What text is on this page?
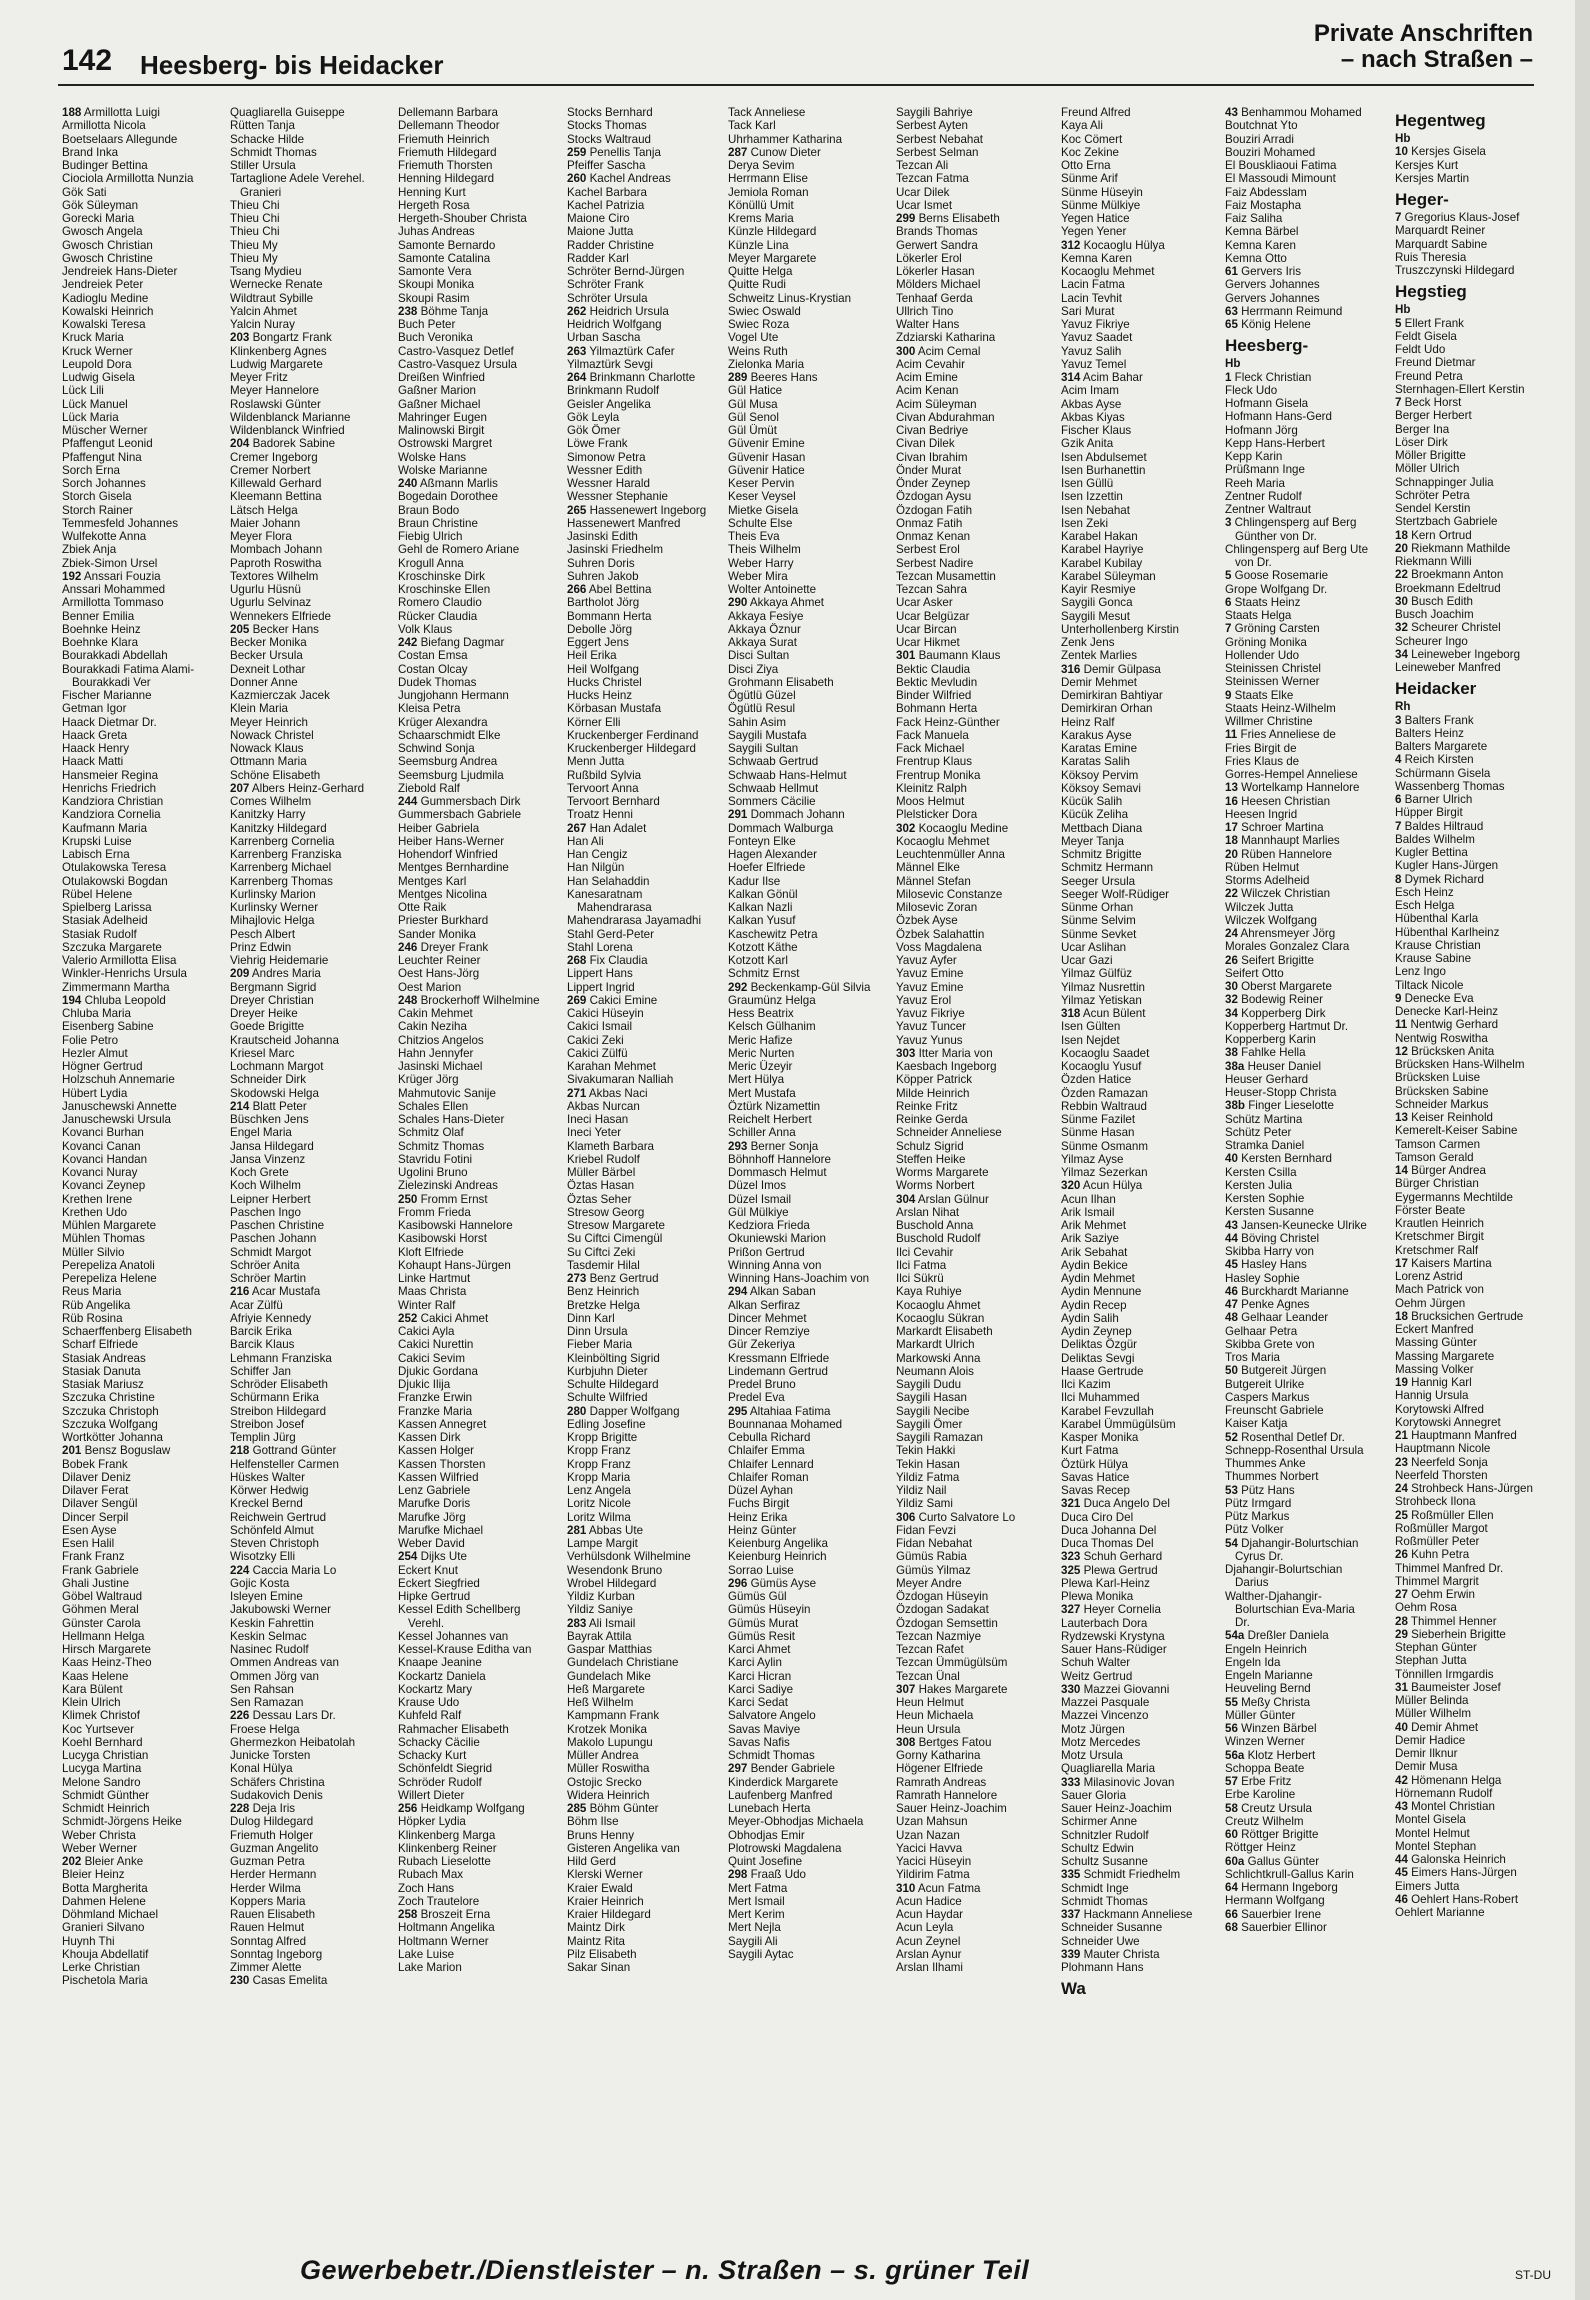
142 Heesberg- bis Heidacker
Private Anschriften
– nach Straßen –
188 Armillotta Luigi
Armillotta Nicola
Boetselaars Allegunde
Brand Inka
Budinger Bettina
Ciociola Armillotta Nunzia
Gök Sati
Gök Süleyman
Gorecki Maria
Gwosch Angela
Gwosch Christian
Gwosch Christine
Jendreiek Hans-Dieter
Jendreiek Peter
Kadioglu Medine
Kowalski Heinrich
Kowalski Teresa
Kruck Maria
Kruck Werner
Leupold Dora
Ludwig Gisela
Lück Lili
Lück Manuel
Lück Maria
Müscher Werner
Pfaffengut Leonid
Pfaffengut Nina
Sorch Erna
Sorch Johannes
Storch Gisela
Storch Rainer
Temmesfeld Johannes
Wulfekotte Anna
Zbiek Anja
Zbiek-Simon Ursel
192 Anssari Fouzia
Anssari Mohammed
Armillotta Tommaso
Benner Emilia
Boehnke Heinz
Boehnke Klara
Bourakkadi Abdellah
Bourakkadi Fatima Alami-
Bourakkadi Ver
Fischer Marianne
Getman Igor
Haack Dietmar Dr.
Haack Greta
Haack Henry
Haack Matti
Hansmeier Regina
Henrichs Friedrich
Kandziora Christian
Kandziora Cornelia
Kaufmann Maria
Krupski Luise
Labisch Erna
Otulakowska Teresa
Otulakowski Bogdan
Rübel Helene
Spielberg Larissa
Stasiak Adelheid
Stasiak Rudolf
Szczuka Margarete
Valerio Armillotta Elisa
Winkler-Henrichs Ursula
Zimmermann Martha
194 Chluba Leopold
Chluba Maria
Eisenberg Sabine
Folie Petro
Hezler Almut
Högner Gertrud
Holzschuh Annemarie
Hübert Lydia
Januschewski Annette
Januschewski Ursula
Kovanci Burhan
Kovanci Canan
Kovanci Handan
Kovanci Nuray
Kovanci Zeynep
Krethen Irene
Krethen Udo
Mühlen Margarete
Mühlen Thomas
Müller Silvio
Perepeliza Anatoli
Perepeliza Helene
Reus Maria
Rüb Angelika
Rüb Rosina
Schaerffenberg Elisabeth
Scharf Elfriede
Stasiak Andreas
Stasiak Danuta
Stasiak Mariusz
Szczuka Christine
Szczuka Christoph
Szczuka Wolfgang
Wortkötter Johanna
201 Bensz Boguslaw
Bobek Frank
Dilaver Deniz
Dilaver Ferat
Dilaver Sengül
Dincer Serpil
Esen Ayse
Esen Halil
Frank Franz
Frank Gabriele
Ghali Justine
Göbel Waltraud
Göhmen Meral
Günster Carola
Hellmann Helga
Hirsch Margarete
Kaas Heinz-Theo
Kaas Helene
Kara Bülent
Klein Ulrich
Klimek Christof
Koc Yurtsever
Koehl Bernhard
Lucyga Christian
Lucyga Martina
Melone Sandro
Schmidt Günther
Schmidt Heinrich
Schmidt-Jörgens Heike
Weber Christa
Weber Werner
202 Bleier Anke
Bleier Heinz
Botta Margherita
Dahmen Helene
Döhmland Michael
Granieri Silvano
Huynh Thi
Khouja Abdellatif
Lerke Christian
Pischetola Maria
Quagliarella Guiseppe
Rütten Tanja
Schacke Hilde
Schmidt Thomas
Stiller Ursula
Tartaglione Adele Verehel.
Granieri
Thieu Chi
Thieu Chi
Thieu Chi
Thieu My
Thieu My
Tsang Mydieu
Wernecke Renate
Wildtraut Sybille
Yalcin Ahmet
Yalcin Nuray
203 Bongartz Frank
Klinkenberg Agnes
Ludwig Margarete
Meyer Fritz
Meyer Hannelore
Roslawski Günter
Wildenblanck Marianne
Wildenblanck Winfried
204 Badorek Sabine
Cremer Ingeborg
Cremer Norbert
Killewald Gerhard
Kleemann Bettina
Lätsch Helga
Maier Johann
Meyer Flora
Mombach Johann
Paproth Roswitha
Textores Wilhelm
Ugurlu Hüsnü
Ugurlu Selvinaz
Wennekers Elfriede
205 Becker Hans
Becker Monika
Becker Ursula
Dexneit Lothar
Donner Anne
Kazmierczak Jacek
Klein Maria
Meyer Heinrich
Nowack Christel
Nowack Klaus
Ottmann Maria
Schöne Elisabeth
207 Albers Heinz-Gerhard
Comes Wilhelm
Kanitzky Harry
Kanitzky Hildegard
Karrenberg Cornelia
Karrenberg Franziska
Karrenberg Michael
Karrenberg Thomas
Kurlinsky Marion
Kurlinsky Werner
Mihajlovic Helga
Pesch Albert
Prinz Edwin
Viehrig Heidemarie
209 Andres Maria
Bergmann Sigrid
Dreyer Christian
Dreyer Heike
Goede Brigitte
Krautscheid Johanna
Kriesel Marc
Lochmann Margot
Schneider Dirk
Skodowski Helga
214 Blatt Peter
Büschken Jens
Engel Maria
Jansa Hildegard
Jansa Vinzenz
Koch Grete
Koch Wilhelm
Leipner Herbert
Paschen Ingo
Paschen Christine
Paschen Johann
Schmidt Margot
Schröer Anita
Schröer Martin
216 Acar Mustafa
Acar Zülfü
Afriyie Kennedy
Barcik Erika
Barcik Klaus
Lehmann Franziska
Schiffer Jan
Schröder Elisabeth
Schürmann Erika
Streibon Hildegard
Streibon Josef
Templin Jürg
218 Gottrand Günter
Helfensteller Carmen
Hüskes Walter
Körwer Hedwig
Kreckel Bernd
Reichwein Gertrud
Schönfeld Almut
Steven Christoph
Wisotzky Elli
224 Caccia Maria Lo
Gojic Kosta
Isleyen Emine
Jakubowski Werner
Keskin Fahrettin
Keskin Selmac
Nasinec Rudolf
Ommen Andreas van
Ommen Jörg van
Sen Rahsan
Sen Ramazan
226 Dessau Lars Dr.
Froese Helga
Ghermezkon Heibatolah
Junicke Torsten
Konal Hülya
Schäfers Christina
Sudakovich Denis
228 Deja Iris
Dulog Hildegard
Friemuth Holger
Guzman Angelito
Guzman Petra
Herder Hermann
Herder Wilma
Koppers Maria
Rauen Elisabeth
Rauen Helmut
Sonntag Alfred
Sonntag Ingeborg
Zimmer Alette
230 Casas Emelita
Dellemann Barbara
Dellemann Theodor
Friemuth Heinrich
Friemuth Hildegard
Friemuth Thorsten
Henning Hildegard
Henning Kurt
Hergeth Rosa
Hergeth-Shouber Christa
Juhas Andreas
Samonte Bernardo
Samonte Catalina
Samonte Vera
Skoupi Monika
Skoupi Rasim
238 Böhme Tanja
Buch Peter
Buch Veronika
Castro-Vasquez Detlef
Castro-Vasquez Ursula
Dreißen Winfried
Gaßner Marion
Gaßner Michael
Mahringer Eugen
Malinowski Birgit
Ostrowski Margret
Wolske Hans
Wolske Marianne
240 Aßmann Marlis
Bogedain Dorothee
Braun Bodo
Braun Christine
Fiebig Ulrich
Gehl de Romero Ariane
Krogull Anna
Kroschinske Dirk
Kroschinske Ellen
Romero Claudio
Rücker Claudia
Volk Klaus
242 Biefang Dagmar
Costan Emsa
Costan Olcay
Dudek Thomas
Jungjohann Hermann
Kleisa Petra
Krüger Alexandra
Schaarschmidt Elke
Schwind Sonja
Seemsburg Andrea
Seemsburg Ljudmila
Ziebold Ralf
244 Gummersbach Dirk
Gummersbach Gabriele
Heiber Gabriela
Heiber Hans-Werner
Hohendorf Winfried
Mentges Bernhardine
Mentges Karl
Mentges Nicolina
Otte Raik
Priester Burkhard
Sander Monika
246 Dreyer Frank
Leuchter Reiner
Oest Hans-Jörg
Oest Marion
248 Brockerhoff Wilhelmine
Cakin Mehmet
Cakin Neziha
Chitzios Angelos
Hahn Jennyfer
Jasinski Michael
Krüger Jörg
Mahmutovic Sanije
Schales Ellen
Schales Hans-Dieter
Schmitz Olaf
Schmitz Thomas
Stavridu Fotini
Ugolini Bruno
Zielezinski Andreas
250 Fromm Ernst
Fromm Frieda
Kasibowski Hannelore
Kasibowski Horst
Kloft Elfriede
Kohaupt Hans-Jürgen
Linke Hartmut
Maas Christa
Winter Ralf
252 Cakici Ahmet
Cakici Ayla
Cakici Nurettin
Cakici Sevim
Djukic Gordana
Djukic Ilija
Franzke Erwin
Franzke Maria
Kassen Annegret
Kassen Dirk
Kassen Holger
Kassen Thorsten
Kassen Wilfried
Lenz Gabriele
Marufke Doris
Marufke Jörg
Marufke Michael
Weber David
254 Dijks Ute
Eckert Knut
Eckert Siegfried
Hipke Gertrud
Kessel Edith Schellberg
Verehl.
Kessel Johannes van
Kessel-Krause Editha van
Knaape Jeanine
Kockartz Daniela
Kockartz Mary
Krause Udo
Kuhfeld Ralf
Rahmacher Elisabeth
Schacky Cäcilie
Schacky Kurt
Schönfeldt Siegrid
Schröder Rudolf
Willert Dieter
256 Heidkamp Wolfgang
Höpker Lydia
Klinkenberg Marga
Klinkenberg Reiner
Rubach Lieselotte
Rubach Max
Zoch Hans
Zoch Trautelore
258 Broszeit Erna
Holtmann Angelika
Holtmann Werner
Lake Luise
Lake Marion
Stocks Bernhard
Stocks Thomas
Stocks Waltraud
259 Penellis Tanja
Pfeiffer Sascha
260 Kachel Andreas
Kachel Barbara
Kachel Patrizia
Maione Ciro
Maione Jutta
Radder Christine
Radder Karl
Schröter Bernd-Jürgen
Schröter Frank
Schröter Ursula
262 Heidrich Ursula
Heidrich Wolfgang
Urban Sascha
263 Yilmaztürk Cafer
Yilmaztürk Sevgi
264 Brinkmann Charlotte
Brinkmann Rudolf
Geisler Angelika
Gök Leyla
Gök Ömer
Löwe Frank
Simonow Petra
Wessner Edith
Wessner Harald
Wessner Stephanie
265 Hassenewert Ingeborg
Hassenewert Manfred
Jasinski Edith
Jasinski Friedhelm
Suhren Doris
Suhren Jakob
266 Abel Bettina
Bartholot Jörg
Bommann Herta
Debolle Jörg
Eggert Jens
Heil Erika
Heil Wolfgang
Hucks Christel
Hucks Heinz
Körbasan Mustafa
Körner Elli
Kruckenberger Ferdinand
Kruckenberger Hildegard
Menn Jutta
Rußbild Sylvia
Tervoort Anna
Tervoort Bernhard
Troatz Henni
267 Han Adalet
Han Ali
Han Cengiz
Han Nilgün
Han Selahaddin
Kanesaratnam
Mahendrarasa
Mahendrarasa Jayamadhi
Stahl Gerd-Peter
Stahl Lorena
268 Fix Claudia
Lippert Hans
Lippert Ingrid
269 Cakici Emine
Cakici Hüseyin
Cakici Ismail
Cakici Zeki
Cakici Zülfü
Karahan Mehmet
Sivakumaran Nalliah
271 Akbas Naci
Akbas Nurcan
Ineci Hasan
Ineci Yeter
Klameth Barbara
Kriebel Rudolf
Müller Bärbel
Öztas Hasan
Öztas Seher
Stresow Georg
Stresow Margarete
Su Ciftci Cimengül
Su Ciftci Zeki
Tasdemir Hilal
273 Benz Gertrud
Benz Heinrich
Bretzke Helga
Dinn Karl
Dinn Ursula
Fieber Maria
Kleinbölting Sigrid
Kurbjuhn Dieter
Schulte Hildegard
Schulte Wilfried
280 Dapper Wolfgang
Edling Josefine
Kropp Brigitte
Kropp Franz
Kropp Franz
Kropp Maria
Lenz Angela
Loritz Nicole
Loritz Wilma
281 Abbas Ute
Lampe Margit
Verhülsdonk Wilhelmine
Wesendonk Bruno
Wrobel Hildegard
Yildiz Kurban
Yildiz Saniye
283 Ali Ismail
Bayrak Attila
Gaspar Matthias
Gundelach Christiane
Gundelach Mike
Heß Margarete
Heß Wilhelm
Kampmann Frank
Krotzek Monika
Makolo Lupungu
Müller Andrea
Müller Roswitha
Ostojic Srecko
Widera Heinrich
285 Böhm Günter
Böhm Ilse
Bruns Henny
Gisteren Angelika van
Hild Gerd
Klerski Werner
Kraier Ewald
Kraier Heinrich
Kraier Hildegard
Maintz Dirk
Maintz Rita
Pilz Elisabeth
Sakar Sinan
Tack Anneliese
Tack Karl
Uhrhammer Katharina
287 Cunow Dieter
Derya Sevim
Herrmann Elise
Jemiola Roman
Könüllü Umit
Krems Maria
Künzle Hildegard
Künzle Lina
Meyer Margarete
Quitte Helga
Quitte Rudi
Schweitz Linus-Krystian
Swiec Oswald
Swiec Roza
Vogel Ute
Weins Ruth
Zielonka Maria
289 Beeres Hans
Gül Hatice
Gül Musa
Gül Senol
Gül Ümüt
Güvenir Emine
Güvenir Hasan
Güvenir Hatice
Keser Pervin
Keser Veysel
Mietke Gisela
Schulte Else
Theis Eva
Theis Wilhelm
Weber Harry
Weber Mira
Wolter Antoinette
290 Akkaya Ahmet
Akkaya Fesiye
Akkaya Öznur
Akkaya Surat
Disci Sultan
Disci Ziya
Grohmann Elisabeth
Ögütlü Güzel
Ögütlü Resul
Sahin Asim
Saygili Mustafa
Saygili Sultan
Schwaab Gertrud
Schwaab Hans-Helmut
Schwaab Hellmut
Sommers Cäcilie
291 Dommach Johann
Dommach Walburga
Fonteyn Elke
Hagen Alexander
Hoefer Elfriede
Kadur Ilse
Kalkan Gönül
Kalkan Nazli
Kalkan Yusuf
Kaschewitz Petra
Kotzott Käthe
Kotzott Karl
Schmitz Ernst
292 Beckenkamp-Gül Silvia
Graumünz Helga
Hess Beatrix
Kelsch Gülhanim
Meric Hafize
Meric Nurten
Meric Üzeyir
Mert Hülya
Mert Mustafa
Öztürk Nizamettin
Reichelt Herbert
Schiller Anna
293 Berner Sonja
Böhnhoff Hannelore
Dommasch Helmut
Düzel Imos
Düzel Ismail
Gül Mülkiye
Kedziora Frieda
Okuniewski Marion
Prißon Gertrud
Winning Anna von
Winning Hans-Joachim von
294 Alkan Saban
Alkan Serfiraz
Dincer Mehmet
Dincer Remziye
Gür Zekeriya
Kressmann Elfriede
Lindemann Gertrud
Predel Bruno
Predel Eva
295 Altahiaa Fatima
Bounnanaa Mohamed
Cebulla Richard
Chlaifer Emma
Chlaifer Lennard
Chlaifer Roman
Düzel Ayhan
Fuchs Birgit
Heinz Erika
Heinz Günter
Keienburg Angelika
Keienburg Heinrich
Sorrao Luise
296 Gümüs Ayse
Gümüs Gül
Gümüs Hüseyin
Gümüs Murat
Gümüs Resit
Karci Ahmet
Karci Aylin
Karci Hicran
Karci Sadiye
Karci Sedat
Salvatore Angelo
Savas Maviye
Savas Nafis
Schmidt Thomas
297 Bender Gabriele
Kinderdick Margarete
Laufenberg Manfred
Lunebach Herta
Meyer-Obhodjas Michaela
Obhodjas Emir
Plotrowski Magdalena
Quint Josefine
298 Fraaß Udo
Mert Fatma
Mert Ismail
Mert Kerim
Mert Nejla
Saygili Ali
Saygili Aytac
Saygili Bahriye
Serbest Ayten
Serbest Nebahat
Serbest Selman
Tezcan Ali
Tezcan Fatma
Ucar Dilek
Ucar Ismet
299 Berns Elisabeth
Brands Thomas
Gerwert Sandra
Lökerler Erol
Lökerler Hasan
Mölders Michael
Tenhaaf Gerda
Ullrich Tino
Walter Hans
Zdziarski Katharina
300 Acim Cemal
Acim Cevahir
Acim Emine
Acim Kenan
Acim Süleyman
Civan Abdurahman
Civan Bedriye
Civan Dilek
Civan Ibrahim
Önder Murat
Önder Zeynep
Özdogan Aysu
Özdogan Fatih
Onmaz Fatih
Onmaz Kenan
Serbest Erol
Serbest Nadire
Tezcan Musamettin
Tezcan Sahra
Ucar Asker
Ucar Belgüzar
Ucar Bircan
Ucar Hikmet
301 Baumann Klaus
Bektic Claudia
Bektic Mevludin
Binder Wilfried
Bohmann Herta
Fack Heinz-Günther
Fack Manuela
Fack Michael
Frentrup Klaus
Frentrup Monika
Kleinitz Ralph
Moos Helmut
Plelsticker Dora
302 Kocaoglu Medine
Kocaoglu Mehmet
Leuchtenmüller Anna
Männel Elke
Männel Stefan
Milosevic Constanze
Milosevic Zoran
Özbek Ayse
Özbek Salahattin
Voss Magdalena
Yavuz Ayfer
Yavuz Emine
Yavuz Emine
Yavuz Erol
Yavuz Fikriye
Yavuz Tuncer
Yavuz Yunus
303 Itter Maria von
Kaesbach Ingeborg
Köpper Patrick
Milde Heinrich
Reinke Fritz
Reinke Gerda
Schneider Anneliese
Schulz Sigrid
Steffen Heike
Worms Margarete
Worms Norbert
304 Arslan Gülnur
Arslan Nihat
Buschold Anna
Buschold Rudolf
Ilci Cevahir
Ilci Fatma
Ilci Sükrü
Kaya Ruhiye
Kocaoglu Ahmet
Kocaoglu Sükran
Markardt Elisabeth
Markardt Ulrich
Markowski Anna
Neumann Alois
Saygili Dudu
Saygili Hasan
Saygili Necibe
Saygili Ömer
Saygili Ramazan
Tekin Hakki
Tekin Hasan
Yildiz Fatma
Yildiz Nail
Yildiz Sami
306 Curto Salvatore Lo
Fidan Fevzi
Fidan Nebahat
Gümüs Rabia
Gümüs Yilmaz
Meyer Andre
Özdogan Hüseyin
Özdogan Sadakat
Özdogan Semsettin
Tezcan Nazmiye
Tezcan Rafet
Tezcan Ümmügülsüm
Tezcan Ünal
307 Hakes Margarete
Heun Helmut
Heun Michaela
Heun Ursula
308 Bertges Fatou
Gorny Katharina
Högener Elfriede
Ramrath Andreas
Ramrath Hannelore
Sauer Heinz-Joachim
Uzan Mahsun
Uzan Nazan
Yacici Havva
Yacici Hüseyin
Yildirim Fatma
310 Acun Fatma
Acun Hadice
Acun Haydar
Acun Leyla
Acun Zeynel
Arslan Aynur
Arslan Ilhami
Freund Alfred
Kaya Ali
Koc Cömert
Koc Zekine
Otto Erna
Sünme Arif
Sünme Hüseyin
Sünme Mülkiye
Yegen Hatice
Yegen Yener
312 Kocaoglu Hülya
Kemna Karen
Kocaoglu Mehmet
Lacin Fatma
Lacin Tevhit
Sari Murat
Yavuz Fikriye
Yavuz Saadet
Yavuz Salih
Yavuz Temel
314 Acim Bahar
Acim Imam
Akbas Ayse
Akbas Kiyas
Fischer Klaus
Gzik Anita
Isen Abdulsemet
Isen Burhanettin
Isen Güllü
Isen Izzettin
Isen Nebahat
Isen Zeki
Karabel Hakan
Karabel Hayriye
Karabel Kubilay
Karabel Süleyman
Kayir Resmiye
Saygili Gonca
Saygili Mesut
Unterhollenberg Kirstin
Zenk Jens
Zentek Marlies
316 Demir Gülpasa
Demir Mehmet
Demirkiran Bahtiyar
Demirkiran Orhan
Heinz Ralf
Karakus Ayse
Karatas Emine
Karatas Salih
Köksoy Pervim
Köksoy Semavi
Kücük Salih
Kücük Zeliha
Mettbach Diana
Meyer Tanja
Schmitz Brigitte
Schmitz Hermann
Seeger Ursula
Seeger Wolf-Rüdiger
Sünme Orhan
Sünme Selvim
Sünme Sevket
Ucar Aslihan
Ucar Gazi
Yilmaz Gülfüz
Yilmaz Nusrettin
Yilmaz Yetiskan
318 Acun Bülent
Isen Gülten
Isen Nejdet
Kocaoglu Saadet
Kocaoglu Yusuf
Özden Hatice
Özden Ramazan
Rebbin Waltraud
Sünme Fazilet
Sünme Hasan
Sünme Osmanm
Yilmaz Ayse
Yilmaz Sezerkan
320 Acun Hülya
Acun Ilhan
Arik Ismail
Arik Mehmet
Arik Saziye
Arik Sebahat
Aydin Bekice
Aydin Mehmet
Aydin Mennune
Aydin Recep
Aydin Salih
Aydin Zeynep
Deliktas Özgür
Deliktas Sevgi
Haase Gertrude
Ilci Kazim
Ilci Muhammed
Karabel Fevzullah
Karabel Ümmügülsüm
Kasper Monika
Kurt Fatma
Öztürk Hülya
Savas Hatice
Savas Recep
321 Duca Angelo Del
Duca Ciro Del
Duca Johanna Del
Duca Thomas Del
323 Schuh Gerhard
325 Plewa Gertrud
Plewa Karl-Heinz
Plewa Monika
327 Heyer Cornelia
Lauterbach Dora
Rydzewski Krystyna
Sauer Hans-Rüdiger
Schuh Walter
Weitz Gertrud
330 Mazzei Giovanni
Mazzei Pasquale
Mazzei Vincenzo
Motz Jürgen
Motz Mercedes
Motz Ursula
Quagliarella Maria
333 Milasinovic Jovan
Sauer Gloria
Sauer Heinz-Joachim
Schirmer Anne
Schnitzler Rudolf
Schultz Edwin
Schultz Susanne
335 Schmidt Friedhelm
Schmidt Inge
Schmidt Thomas
337 Hackmann Anneliese
Schneider Susanne
Schneider Uwe
339 Mauter Christa
Plohmann Hans
Wa
43 Benhammou Mohamed
Boutchnat Yto
Bouziri Arradi
Bouziri Mohamed
El Bouskliaoui Fatima
El Massoudi Mimount
Faiz Abdesslam
Faiz Mostapha
Faiz Saliha
Kemna Bärbel
Kemna Karen
Kemna Otto
61 Gervers Iris
Gervers Johannes
Gervers Johannes
63 Herrmann Reimund
65 König Helene
Heesberg-
Hb
1 Fleck Christian
Fleck Udo
Hofmann Gisela
Hofmann Hans-Gerd
Hofmann Jörg
Kepp Hans-Herbert
Kepp Karin
Prüßmann Inge
Reeh Maria
Zentner Rudolf
Zentner Waltraut
3 Chlingensperg auf Berg
Günther von Dr.
Chlingensperg auf Berg Ute
von Dr.
5 Goose Rosemarie
Grope Wolfgang Dr.
6 Staats Heinz
Staats Helga
7 Gröning Carsten
Gröning Monika
Hollender Udo
Steinissen Christel
Steinissen Werner
9 Staats Elke
Staats Heinz-Wilhelm
Willmer Christine
11 Fries Anneliese de
Fries Birgit de
Fries Klaus de
Gorres-Hempel Anneliese
13 Wortelkamp Hannelore
16 Heesen Christian
Heesen Ingrid
17 Schroer Martina
18 Mannhaupt Marlies
20 Rüben Hannelore
Rüben Helmut
Storms Adelheid
22 Wilczek Christian
Wilczek Jutta
Wilczek Wolfgang
24 Ahrensmeyer Jörg
Morales Gonzalez Clara
26 Seifert Brigitte
Seifert Otto
30 Oberst Margarete
32 Bodewig Reiner
34 Kopperberg Dirk
Kopperberg Hartmut Dr.
Kopperberg Karin
38 Fahlke Hella
38a Heuser Daniel
Heuser Gerhard
Heuser-Stopp Christa
38b Finger Lieselotte
Schütz Martina
Schütz Peter
Stramka Daniel
40 Kersten Bernhard
Kersten Csilla
Kersten Julia
Kersten Sophie
Kersten Susanne
43 Jansen-Keunecke Ulrike
44 Böving Christel
Skibba Harry von
45 Hasley Hans
Hasley Sophie
46 Burckhardt Marianne
47 Penke Agnes
48 Gelhaar Leander
Gelhaar Petra
Skibba Grete von
Tros Maria
50 Butgereit Jürgen
Butgereit Ulrike
Caspers Markus
Freunscht Gabriele
Kaiser Katja
52 Rosenthal Detlef Dr.
Schnepp-Rosenthal Ursula
Thummes Anke
Thummes Norbert
53 Pütz Hans
Pütz Irmgard
Pütz Markus
Pütz Volker
54 Djahangir-Bolurtschian
Cyrus Dr.
Djahangir-Bolurtschian
Darius
Walther-Djahangir-
Bolurtschian Eva-Maria
Dr.
54a Dreßler Daniela
Engeln Heinrich
Engeln Ida
Engeln Marianne
Heuveling Bernd
55 Meßy Christa
Müller Günter
56 Winzen Bärbel
Winzen Werner
56a Klotz Herbert
Schoppa Beate
57 Erbe Fritz
Erbe Karoline
58 Creutz Ursula
Creutz Wilhelm
60 Röttger Brigitte
Röttger Heinz
60a Gallus Günter
Schlichtkrull-Gallus Karin
64 Hermann Ingeborg
Hermann Wolfgang
66 Sauerbier Irene
68 Sauerbier Ellinor
Hegentweg
Hb
10 Kersjes Gisela
Kersjes Kurt
Kersjes Martin
Heger-
7 Gregorius Klaus-Josef
Marquardt Reiner
Marquardt Sabine
Ruis Theresia
Truszczynski Hildegard
Hegstieg
Hb
5 Ellert Frank
Feldt Gisela
Feldt Udo
Freund Dietmar
Freund Petra
Sternhagen-Ellert Kerstin
7 Beck Horst
Berger Herbert
Berger Ina
Löser Dirk
Möller Brigitte
Möller Ulrich
Schnappinger Julia
Schröter Petra
Sendel Kerstin
Stertzbach Gabriele
18 Kern Ortrud
20 Riekmann Mathilde
Riekmann Willi
22 Broekmann Anton
Broekmann Edeltrud
30 Busch Edith
Busch Joachim
32 Scheurer Christel
Scheurer Ingo
34 Leineweber Ingeborg
Leineweber Manfred
Heidacker
Rh
3 Balters Frank
Balters Heinz
Balters Margarete
4 Reich Kirsten
Schürmann Gisela
Wassenberg Thomas
6 Barner Ulrich
Hüpper Birgit
7 Baldes Hiltraud
Baldes Wilhelm
Kugler Bettina
Kugler Hans-Jürgen
8 Dymek Richard
Esch Heinz
Esch Helga
Hübenthal Karla
Hübenthal Karlheinz
Krause Christian
Krause Sabine
Lenz Ingo
Tiltack Nicole
9 Denecke Eva
Denecke Karl-Heinz
11 Nentwig Gerhard
Nentwig Roswitha
12 Brücksken Anita
Brücksken Hans-Wilhelm
Brücksken Luise
Brücksken Sabine
Schneider Markus
13 Keiser Reinhold
Kemerelt-Keiser Sabine
Tamson Carmen
Tamson Gerald
14 Bürger Andrea
Bürger Christian
Eygermanns Mechtilde
Förster Beate
Krautlen Heinrich
Kretschmer Birgit
Kretschmer Ralf
17 Kaisers Martina
Lorenz Astrid
Mach Patrick von
Oehm Jürgen
18 Brucksichen Gertrude
Eckert Manfred
Massing Günter
Massing Margarete
Massing Volker
19 Hannig Karl
Hannig Ursula
Korytowski Alfred
Korytowski Annegret
21 Hauptmann Manfred
Hauptmann Nicole
23 Neerfeld Sonja
Neerfeld Thorsten
24 Strohbeck Hans-Jürgen
Strohbeck Ilona
25 Roßmüller Ellen
Roßmüller Margot
Roßmüller Peter
26 Kuhn Petra
Thimmel Manfred Dr.
Thimmel Margrit
27 Oehm Erwin
Oehm Rosa
28 Thimmel Henner
29 Sieberhein Brigitte
Stephan Günter
Stephan Jutta
Tönnillen Irmgardis
31 Baumeister Josef
Müller Belinda
Müller Wilhelm
40 Demir Ahmet
Demir Hadice
Demir Ilknur
Demir Musa
42 Hömenann Helga
Hörnemann Rudolf
43 Montel Christian
Montel Gisela
Montel Helmut
Montel Stephan
44 Galonska Heinrich
45 Eimers Hans-Jürgen
Eimers Jutta
46 Oehlert Hans-Robert
Oehlert Marianne
Gewerbebetr./Dienstleister – n. Straßen – s. grüner Teil	ST-DU
